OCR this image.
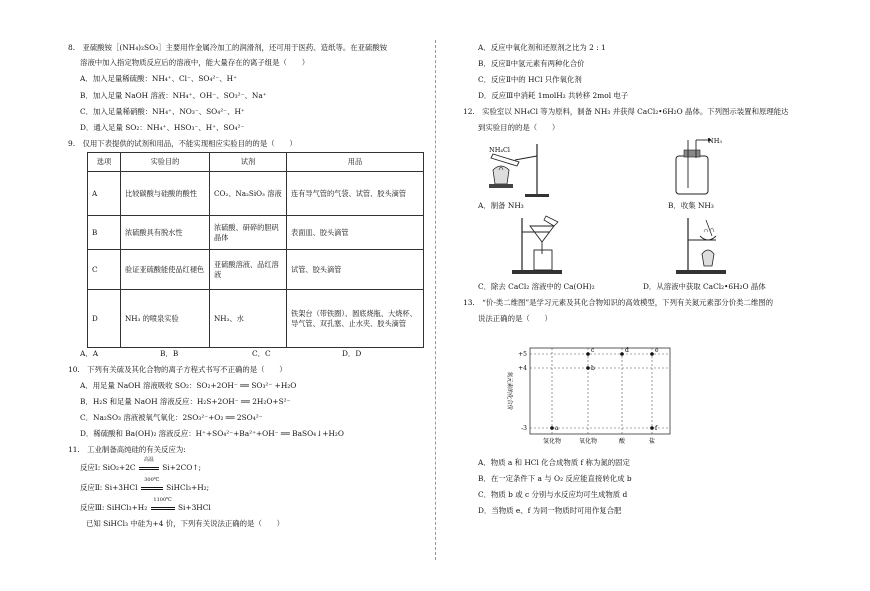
8.　亚硫酸铵［(NH₄)₂SO₃］主要用作金属冷加工的润滑剂，还可用于医药、造纸等。在亚硫酸铵
溶液中加入指定物质反应后的溶液中，能大量存在的离子组是（　　）
A．加入足量稀硫酸：NH₄⁺、Cl⁻、SO₄²⁻、H⁺
B．加入足量 NaOH 溶液：NH₄⁺、OH⁻、SO₃²⁻、Na⁺
C．加入足量稀硝酸：NH₄⁺、NO₃⁻、SO₄²⁻、H⁺
D．通入足量 SO₂：NH₄⁺、HSO₃⁻、H⁺、SO₄²⁻
9.　仅用下表提供的试剂和用品，不能实现相应实验目的的是（　　）
选项	实验目的	试剂	用品
A	比较碳酸与硅酸的酸性	CO₂、Na₂SiO₃ 溶液	连有导气管的气袋、试管、胶头滴管
B	浓硫酸具有脱水性	浓硫酸、研碎的胆矾晶体	表面皿、胶头滴管
C	验证亚硫酸能使品红褪色	亚硫酸溶液、品红溶液	试管、胶头滴管
D	NH₃ 的喷泉实验	NH₃、水	铁架台（带铁圈）、圆底烧瓶、大烧杯、导气管、双孔塞、止水夹、胶头滴管
A．A	B．B	C．C	D．D
10.　下列有关硫及其化合物的离子方程式书写不正确的是（　　）
A．用足量 NaOH 溶液吸收 SO₂：SO₂+2OH⁻ ══ SO₃²⁻ +H₂O
B．H₂S 和足量 NaOH 溶液反应：H₂S+2OH⁻ ══ 2H₂O+S²⁻
C．Na₂SO₃ 溶液被氧气氧化：2SO₃²⁻+O₂ ══ 2SO₄²⁻
D．稀硫酸和 Ba(OH)₂ 溶液反应：H⁺+SO₄²⁻+Ba²⁺+OH⁻ ══ BaSO₄↓+H₂O
11.　工业制备高纯硅的有关反应为:
反应Ⅰ: SiO₂+2C
高温
Si+2CO↑;
反应Ⅱ: Si+3HCl
300℃
SiHCl₃+H₂;
反应Ⅲ: SiHCl₃+H₂
1100℃
Si+3HCl
已知 SiHCl₃ 中硅为+4 价，下列有关说法正确的是（　　）
A．反应中氧化剂和还原剂之比为 2 : 1
B．反应Ⅱ中氢元素有两种化合价
C．反应Ⅱ中的 HCl 只作氧化剂
D．反应Ⅲ中消耗 1molH₂ 共转移 2mol 电子
12.　实验室以 NH₄Cl 等为原料，制备 NH₃ 并获得 CaCl₂•6H₂O 晶体。下列图示装置和原理能达
到实验目的的是（　　）
NH₄Cl
NH₃
A．制备 NH₃	B．收集 NH₃
C．除去 CaCl₂ 溶液中的 Ca(OH)₂	D．从溶液中获取 CaCl₂•6H₂O 晶体
13.　“价-类二维图”是学习元素及其化合物知识的高效模型，下列有关氮元素部分价类二维图的
说法正确的是（　　）
+5
+4
-3
氢化物	氧化物	酸	盐
氮元素的化合价
a
b
c	d	e
f
A．物质 a 和 HCl 化合成物质 f 称为氮的固定
B．在一定条件下 a 与 O₂ 反应能直接转化成 b
C．物质 b 或 c 分别与水反应均可生成物质 d
D．当物质 e、f 为同一物质时可用作复合肥
